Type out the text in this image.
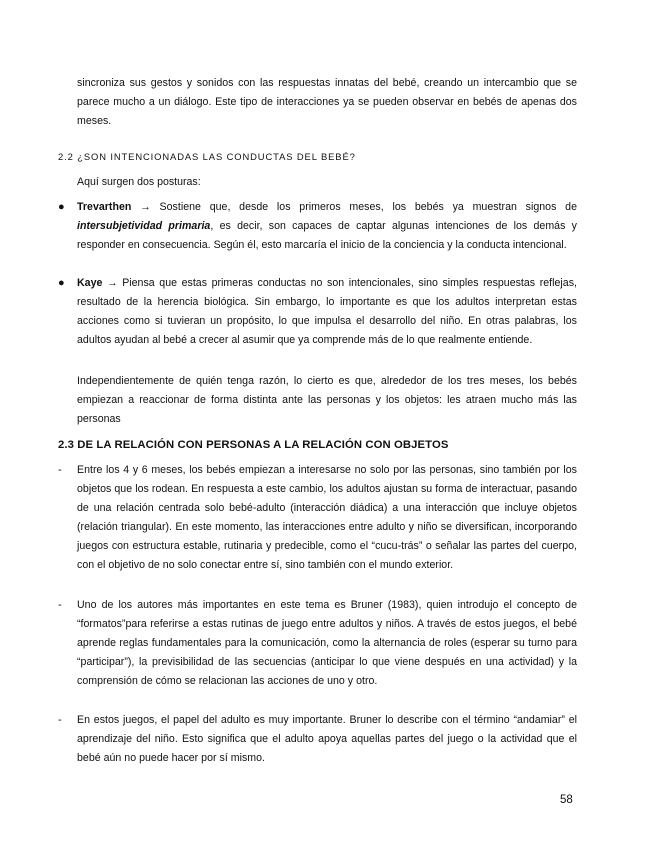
sincroniza sus gestos y sonidos con las respuestas innatas del bebé, creando un intercambio que se parece mucho a un diálogo. Este tipo de interacciones ya se pueden observar en bebés de apenas dos meses.

2.2 ¿SON INTENCIONADAS LAS CONDUCTAS DEL BEBÉ?
Aquí surgen dos posturas:
●	Trevarthen → Sostiene que, desde los primeros meses, los bebés ya muestran signos de intersubjetividad primaria, es decir, son capaces de captar algunas intenciones de los demás y responder en consecuencia. Según él, esto marcaría el inicio de la conciencia y la conducta intencional.
●	Kaye → Piensa que estas primeras conductas no son intencionales, sino simples respuestas reflejas, resultado de la herencia biológica. Sin embargo, lo importante es que los adultos interpretan estas acciones como si tuvieran un propósito, lo que impulsa el desarrollo del niño. En otras palabras, los adultos ayudan al bebé a crecer al asumir que ya comprende más de lo que realmente entiende.

Independientemente de quién tenga razón, lo cierto es que, alrededor de los tres meses, los bebés empiezan a reaccionar de forma distinta ante las personas y los objetos: les atraen mucho más las personas

2.3 DE LA RELACIÓN CON PERSONAS A LA RELACIÓN CON OBJETOS
-	Entre los 4 y 6 meses, los bebés empiezan a interesarse no solo por las personas, sino también por los objetos que los rodean. En respuesta a este cambio, los adultos ajustan su forma de interactuar, pasando de una relación centrada solo bebé-adulto (interacción diádica) a una interacción que incluye objetos (relación triangular). En este momento, las interacciones entre adulto y niño se diversifican, incorporando juegos con estructura estable, rutinaria y predecible, como el “cucu-trás” o señalar las partes del cuerpo, con el objetivo de no solo conectar entre sí, sino también con el mundo exterior.
-	Uno de los autores más importantes en este tema es Bruner (1983), quien introdujo el concepto de “formatos”para referirse a estas rutinas de juego entre adultos y niños. A través de estos juegos, el bebé aprende reglas fundamentales para la comunicación, como la alternancia de roles (esperar su turno para “participar”), la previsibilidad de las secuencias (anticipar lo que viene después en una actividad) y la comprensión de cómo se relacionan las acciones de uno y otro.
-	En estos juegos, el papel del adulto es muy importante. Bruner lo describe con el término “andamiar” el aprendizaje del niño. Esto significa que el adulto apoya aquellas partes del juego o la actividad que el bebé aún no puede hacer por sí mismo.
58
